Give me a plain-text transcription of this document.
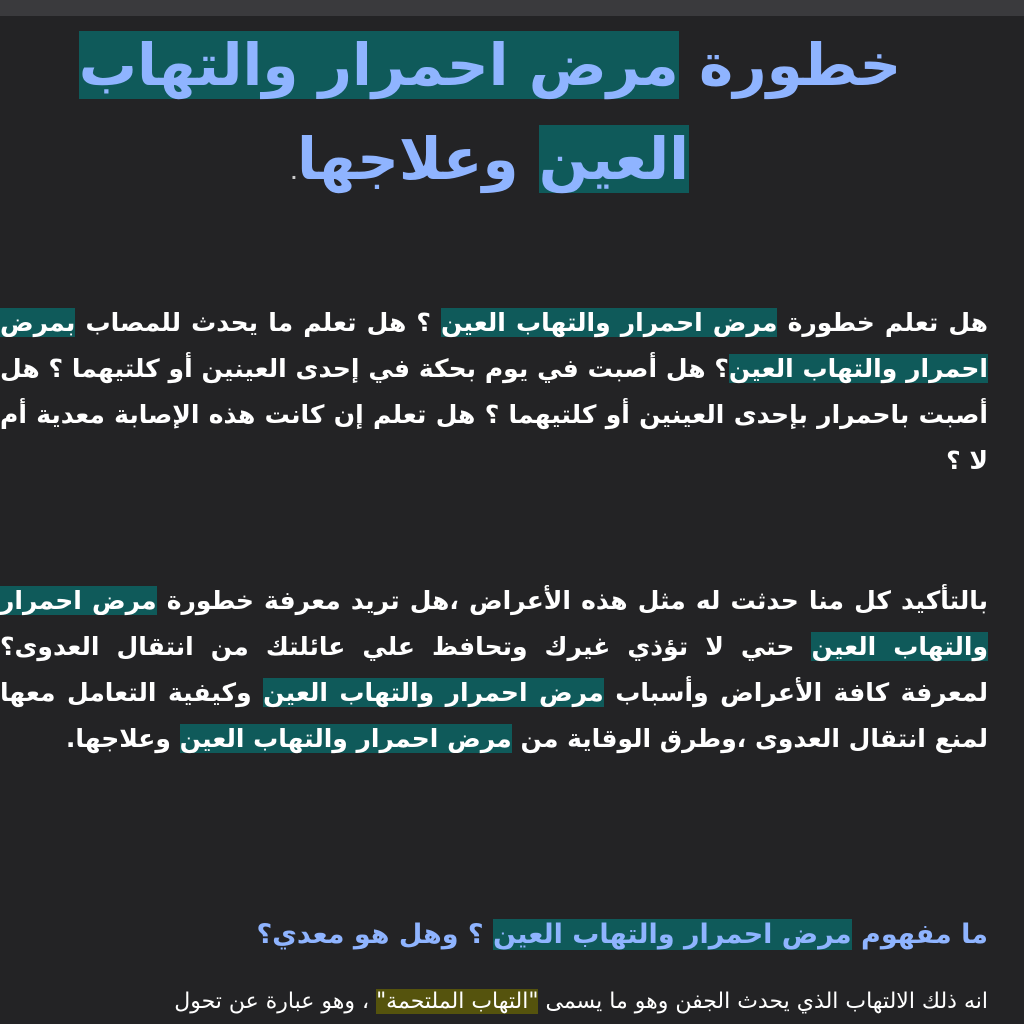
خطورة مرض احمرار والتهاب العين وعلاجها.

هل تعلم خطورة مرض احمرار والتهاب العين ؟ هل تعلم ما يحدث للمصاب بمرض احمرار والتهاب العين؟ هل أصبت في يوم بحكة في إحدى العينين أو كلتيهما ؟ هل أصبت باحمرار بإحدى العينين أو كلتيهما ؟ هل تعلم إن كانت هذه الإصابة معدية أم لا ؟

بالتأكيد كل منا حدثت له مثل هذه الأعراض ،هل تريد معرفة خطورة مرض احمرار والتهاب العين حتي لا تؤذي غيرك وتحافظ علي عائلتك من انتقال العدوى؟ لمعرفة كافة الأعراض وأسباب مرض احمرار والتهاب العين وكيفية التعامل معها لمنع انتقال العدوى ،وطرق الوقاية من مرض احمرار والتهاب العين وعلاجها.

ما مفهوم مرض احمرار والتهاب العين ؟ وهل هو معدي؟

انه ذلك الالتهاب الذي يحدث الجفن وهو ما يسمى "التهاب الملتحمة" ، وهو عبارة عن تحول
